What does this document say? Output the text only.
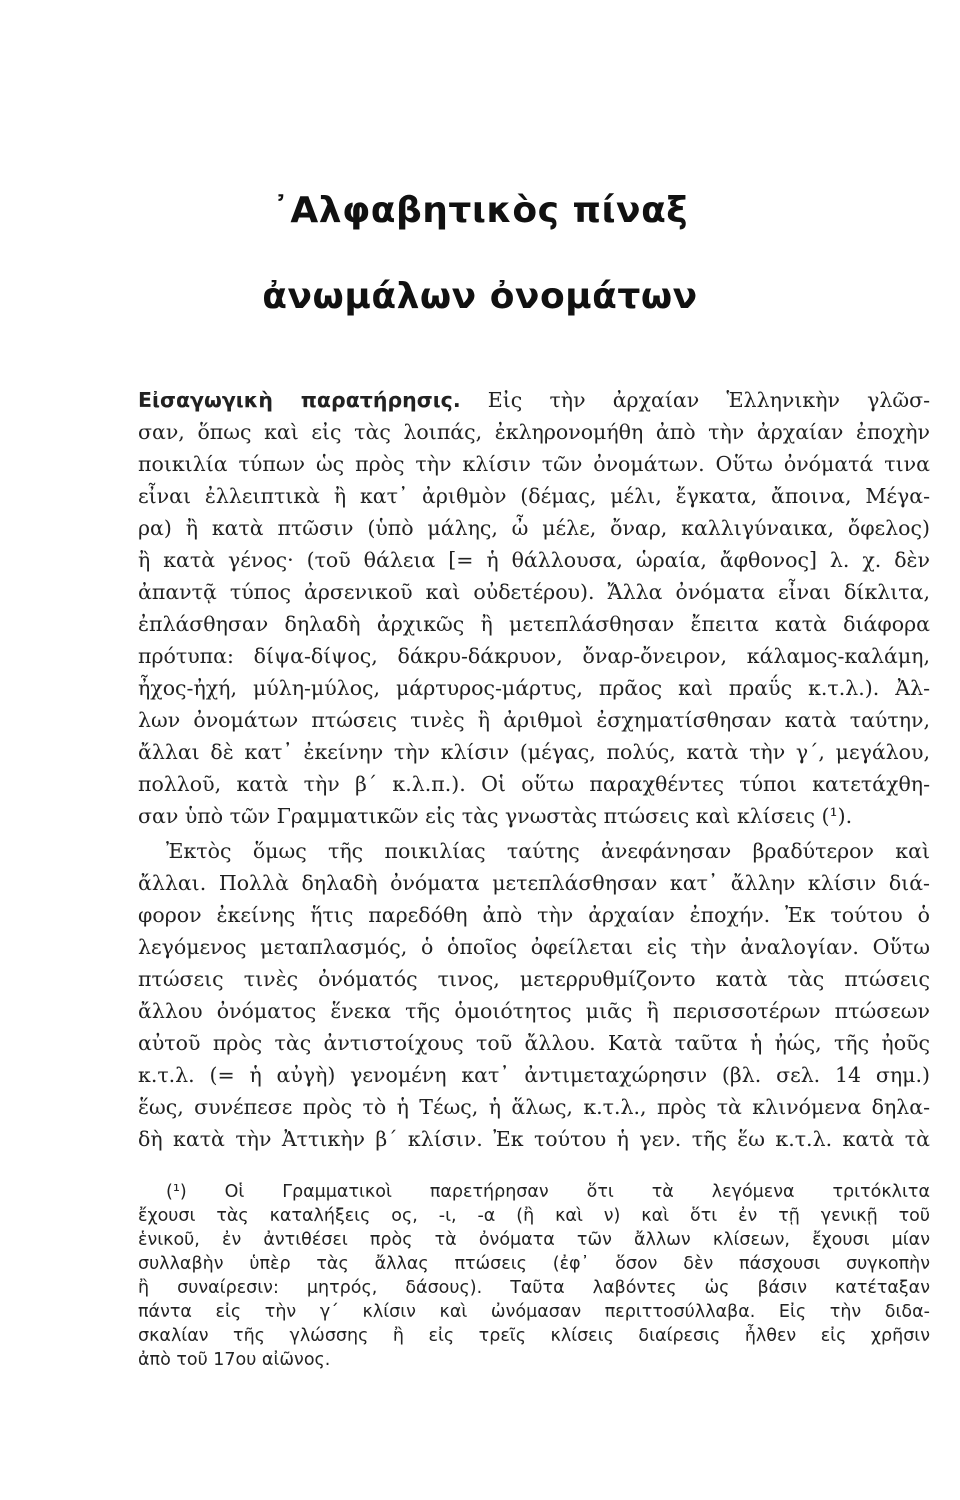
᾿Αλφαβητικὸς πίναξ
ἀνωμάλων ὀνομάτων
Εἰσαγωγικὴ παρατήρησις. Εἰς τὴν ἀρχαίαν Ἑλληνικὴν γλῶσ-
σαν, ὅπως καὶ εἰς τὰς λοιπάς, ἐκληρονομήθη ἀπὸ τὴν ἀρχαίαν ἐποχὴν
ποικιλία τύπων ὡς πρὸς τὴν κλίσιν τῶν ὀνομάτων. Οὕτω ὀνόματά τινα
εἶναι ἐλλειπτικὰ ἢ κατ᾿ ἀριθμὸν (δέμας, μέλι, ἔγκατα, ἄποινα, Μέγα-
ρα) ἢ κατὰ πτῶσιν (ὑπὸ μάλης, ὦ μέλε, ὄναρ, καλλιγύναικα, ὄφελος)
ἢ κατὰ γένος· (τοῦ θάλεια [= ἡ θάλλουσα, ὡραία, ἄφθονος] λ. χ. δὲν
ἀπαντᾷ τύπος ἀρσενικοῦ καὶ οὐδετέρου). Ἄλλα ὀνόματα εἶναι δίκλιτα,
ἐπλάσθησαν δηλαδὴ ἀρχικῶς ἢ μετεπλάσθησαν ἔπειτα κατὰ διάφορα
πρότυπα: δίψα-δίψος, δάκρυ-δάκρυον, ὄναρ-ὄνειρον, κάλαμος-καλάμη,
ἦχος-ἠχή, μύλη-μύλος, μάρτυρος-μάρτυς, πρᾶος καὶ πραΰς κ.τ.λ.). Ἀλ-
λων ὀνομάτων πτώσεις τινὲς ἢ ἀριθμοὶ ἐσχηματίσθησαν κατὰ ταύτην,
ἄλλαι δὲ κατ᾿ ἐκείνην τὴν κλίσιν (μέγας, πολύς, κατὰ τὴν γ΄, μεγάλου,
πολλοῦ, κατὰ τὴν β΄ κ.λ.π.). Οἱ οὕτω παραχθέντες τύποι κατετάχθη-
σαν ὑπὸ τῶν Γραμματικῶν εἰς τὰς γνωστὰς πτώσεις καὶ κλίσεις (¹).
Ἐκτὸς ὅμως τῆς ποικιλίας ταύτης ἀνεφάνησαν βραδύτερον καὶ
ἄλλαι. Πολλὰ δηλαδὴ ὀνόματα μετεπλάσθησαν κατ᾿ ἄλλην κλίσιν διά-
φορον ἐκείνης ἥτις παρεδόθη ἀπὸ τὴν ἀρχαίαν ἐποχήν. Ἐκ τούτου ὁ
λεγόμενος μεταπλασμός, ὁ ὁποῖος ὀφείλεται εἰς τὴν ἀναλογίαν. Οὕτω
πτώσεις τινὲς ὀνόματός τινος, μετερρυθμίζοντο κατὰ τὰς πτώσεις
ἄλλου ὀνόματος ἕνεκα τῆς ὁμοιότητος μιᾶς ἢ περισσοτέρων πτώσεων
αὐτοῦ πρὸς τὰς ἀντιστοίχους τοῦ ἄλλου. Κατὰ ταῦτα ἡ ἠώς, τῆς ἠοῦς
κ.τ.λ. (= ἡ αὐγὴ) γενομένη κατ᾿ ἀντιμεταχώρησιν (βλ. σελ. 14 σημ.)
ἕως, συνέπεσε πρὸς τὸ ἡ Τέως, ἡ ἅλως, κ.τ.λ., πρὸς τὰ κλινόμενα δηλα-
δὴ κατὰ τὴν Ἀττικὴν β΄ κλίσιν. Ἐκ τούτου ἡ γεν. τῆς ἕω κ.τ.λ. κατὰ τὰ
(¹) Οἱ Γραμματικοὶ παρετήρησαν ὅτι τὰ λεγόμενα τριτόκλιτα
ἔχουσι τὰς καταλήξεις ος, -ι, -α (ἢ καὶ ν) καὶ ὅτι ἐν τῇ γενικῇ τοῦ
ἑνικοῦ, ἐν ἀντιθέσει πρὸς τὰ ὀνόματα τῶν ἄλλων κλίσεων, ἔχουσι μίαν
συλλαβὴν ὑπὲρ τὰς ἄλλας πτώσεις (ἐφ᾿ ὅσον δὲν πάσχουσι συγκοπὴν
ἢ συναίρεσιν: μητρός, δάσους). Ταῦτα λαβόντες ὡς βάσιν κατέταξαν
πάντα εἰς τὴν γ΄ κλίσιν καὶ ὠνόμασαν περιττοσύλλαβα. Εἰς τὴν διδα-
σκαλίαν τῆς γλώσσης ἢ εἰς τρεῖς κλίσεις διαίρεσις ἦλθεν εἰς χρῆσιν
ἀπὸ τοῦ 17ου αἰῶνος.
